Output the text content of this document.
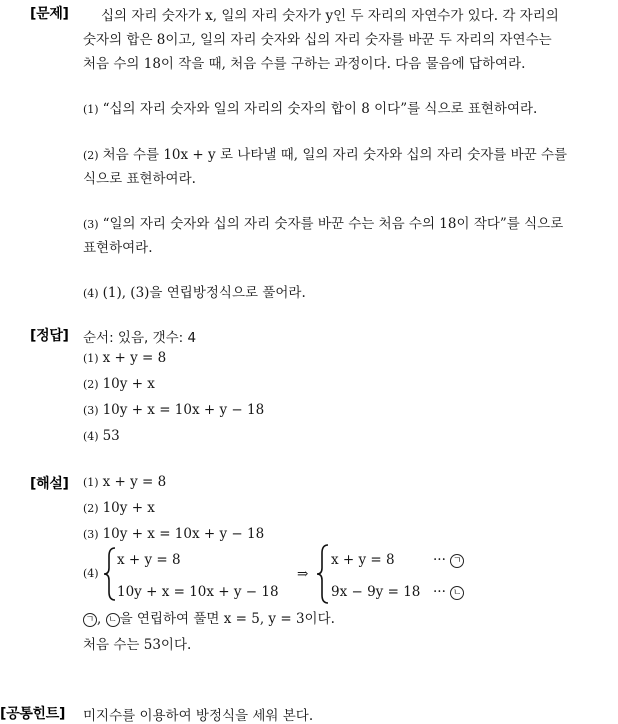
[문제] 십의 자리 숫자가 x, 일의 자리 숫자가 y인 두 자리의 자연수가 있다. 각 자리의
숫자의 합은 8이고, 일의 자리 숫자와 십의 자리 숫자를 바꾼 두 자리의 자연수는
처음 수의 18이 작을 때, 처음 수를 구하는 과정이다. 다음 물음에 답하여라.
(1) “십의 자리 숫자와 일의 자리의 숫자의 합이 8 이다”를 식으로 표현하여라.
(2) 처음 수를 10x + y 로 나타낼 때, 일의 자리 숫자와 십의 자리 숫자를 바꾼 수를
식으로 표현하여라.
(3) “일의 자리 숫자와 십의 자리 숫자를 바꾼 수는 처음 수의 18이 작다”를 식으로
표현하여라.
(4) (1), (3)을 연립방정식으로 풀어라.
[정답] 순서: 있음, 갯수: 4
(1) x + y = 8
(2) 10y + x
(3) 10y + x = 10x + y − 18
(4) 53
[해설] (1) x + y = 8
(2) 10y + x
(3) 10y + x = 10x + y − 18
(4)
x + y = 8
10y + x = 10x + y − 18
⇒
x + y = 8
9x − 9y = 18
··· ㄱ
··· ㄴ
ㄱ , ㄴ 을 연립하여 풀면 x = 5, y = 3이다.
처음 수는 53이다.
[공통힌트] 미지수를 이용하여 방정식을 세워 본다.
